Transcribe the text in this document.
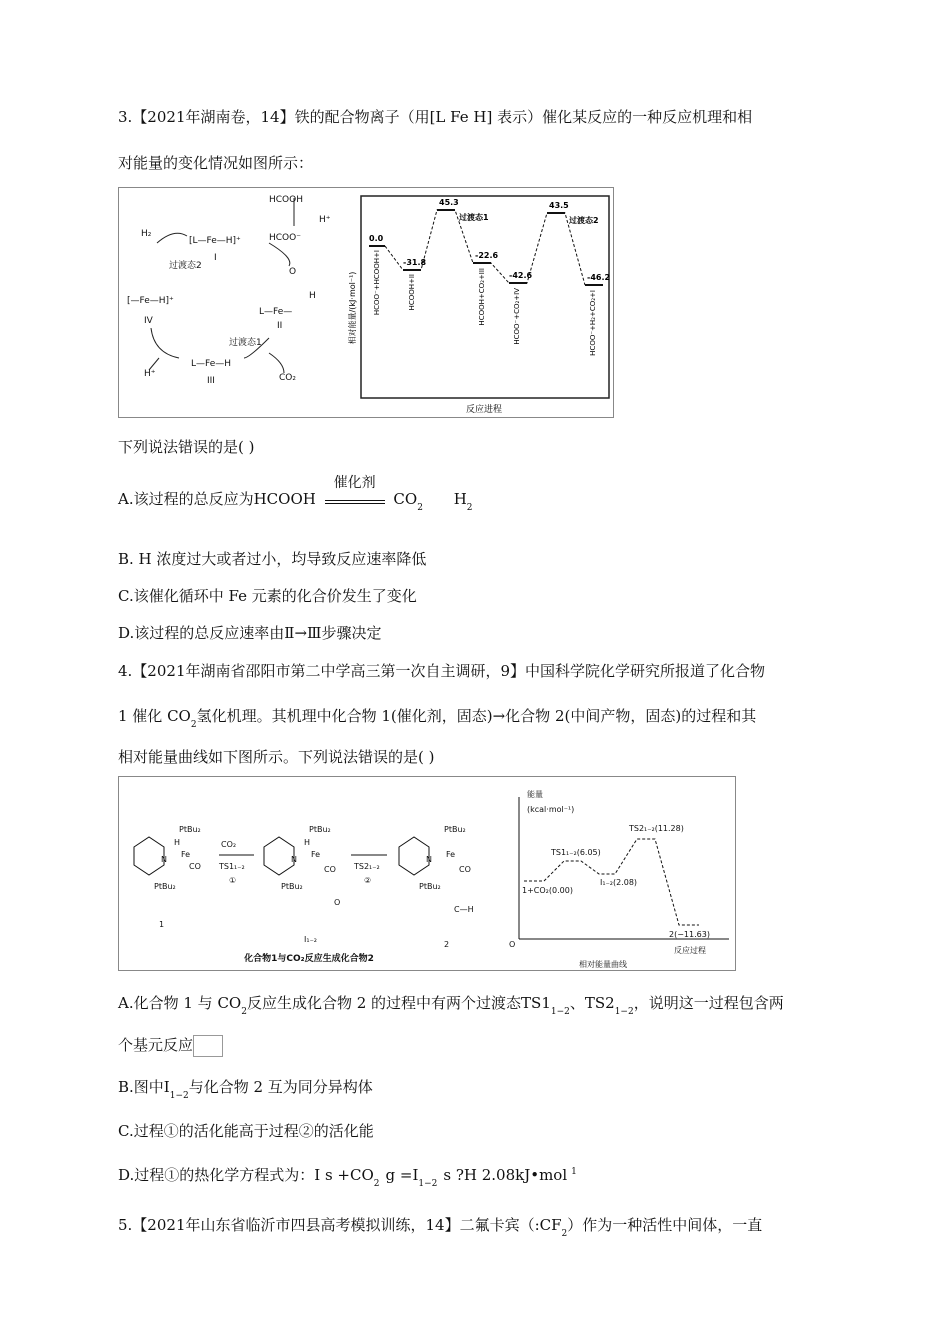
3.【2021年湖南卷，14】铁的配合物离子（用[L Fe H] 表示）催化某反应的一种反应机理和相
对能量的变化情况如图所示：
HCOOH
H⁺
HCOO⁻
H₂
过渡态2
[L—Fe—H]⁺
I
[—Fe—H]⁺
IV
O
H
L—Fe—
II
过渡态1
L—Fe—H
III
H⁺	CO₂
相对能量/(kJ·mol⁻¹)
反应进程
0.0
-31.8
45.3
-22.6
-42.6
43.5
-46.2
过渡态1	过渡态2
HCOO⁻+HCOOH+I	HCOOH+II	HCOOH+CO₂+III	HCOO⁻+CO₂+IV	HCOO⁻+H₂+CO₂+I
下列说法错误的是( )
A.该过程的总反应为HCOOH
催化剂
$CO_2$ $H_2$
B. H 浓度过大或者过小，均导致反应速率降低
C.该催化循环中 Fe 元素的化合价发生了变化
D.该过程的总反应速率由Ⅱ→Ⅲ步骤决定
4.【2021年湖南省邵阳市第二中学高三第一次自主调研，9】中国科学院化学研究所报道了化合物
1 催化 $CO_2$氢化机理。其机理中化合物 1(催化剂，固态)→化合物 2(中间产物，固态)的过程和其
相对能量曲线如下图所示。下列说法错误的是( )
N
Fe
H
CO
PtBu₂
PtBu₂
1
CO₂
TS1₁₋₂
①
N
Fe
H
CO
PtBu₂
PtBu₂
O
I₁₋₂
TS2₁₋₂
②
N
Fe
CO
PtBu₂
PtBu₂
C—H
2
化合物1与CO₂反应生成化合物2
能量
(kcal·mol⁻¹)
O
反应过程
相对能量曲线
1+CO₂(0.00)
TS1₁₋₂(6.05)
I₁₋₂(2.08)
TS2₁₋₂(11.28)
2(−11.63)
A.化合物 1 与 $CO_2$反应生成化合物 2 的过程中有两个过渡态$TS1_{1-2}$、$TS2_{1-2}$，说明这一过程包含两
个基元反应
B.图中$I_{1-2}$与化合物 2 互为同分异构体
C.过程①的活化能高于过程②的活化能
D.过程①的热化学方程式为：I $s +CO_2$ $g =I_{1-2}$ s ?H 2.08kJ•mol $^1$
5.【2021年山东省临沂市四县高考模拟训练，14】二氟卡宾$(:CF_2)$作为一种活性中间体，一直
